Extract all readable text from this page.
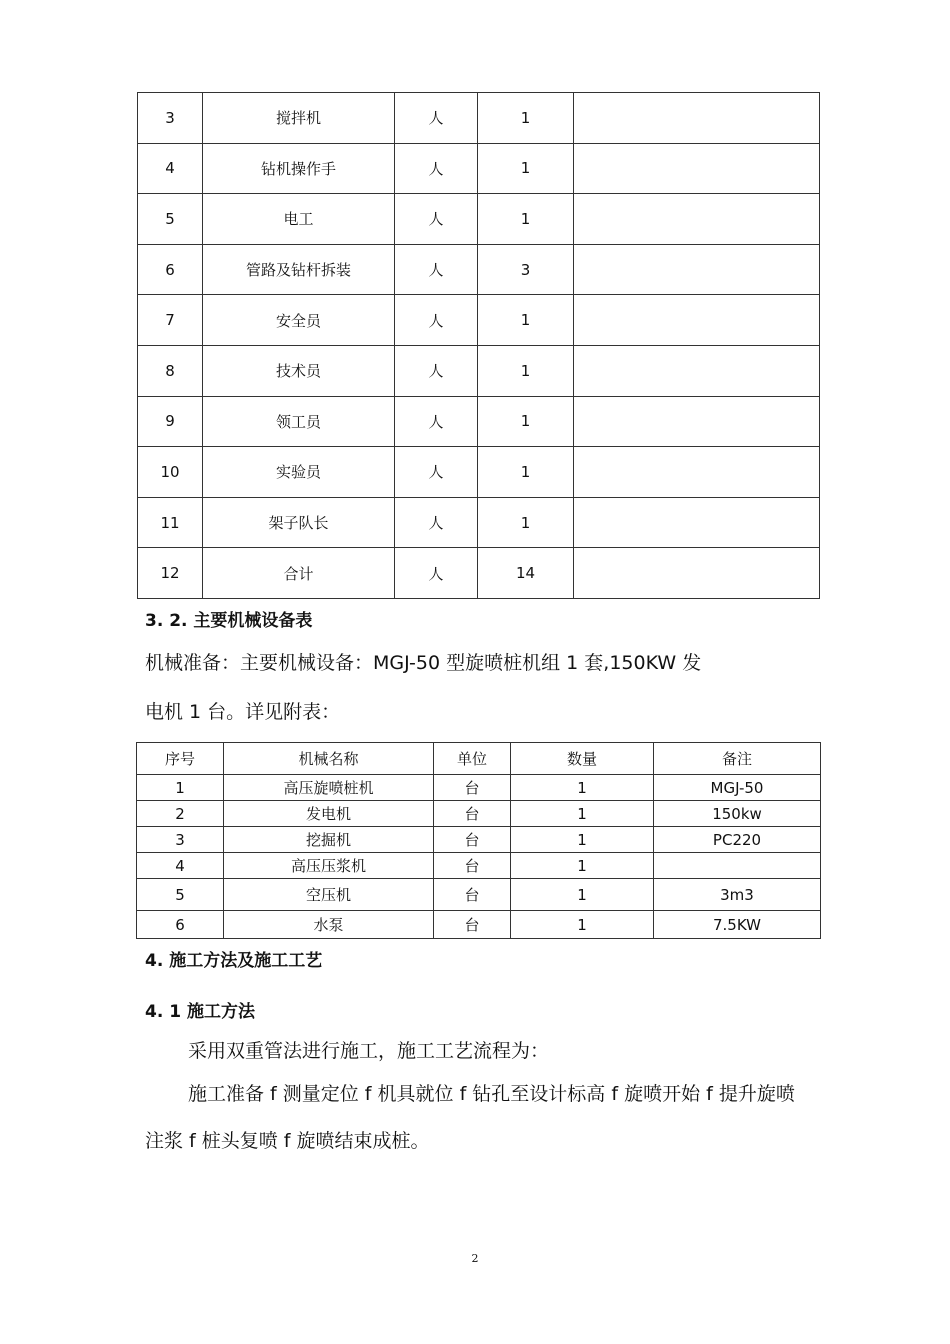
3	搅拌机	人	1	
4	钻机操作手	人	1	
5	电工	人	1	
6	管路及钻杆拆装	人	3	
7	安全员	人	1	
8	技术员	人	1	
9	领工员	人	1	
10	实验员	人	1	
11	架子队长	人	1	
12	合计	人	14	
3. 2. 主要机械设备表
机械准备：主要机械设备：MGJ-50 型旋喷桩机组 1 套,150KW 发
电机 1 台。详见附表：
序号	机械名称	单位	数量	备注
1	高压旋喷桩机	台	1	MGJ-50
2	发电机	台	1	150kw
3	挖掘机	台	1	PC220
4	高压压浆机	台	1	
5	空压机	台	1	3m3
6	水泵	台	1	7.5KW
4. 施工方法及施工工艺
4. 1 施工方法
采用双重管法进行施工，施工工艺流程为：
施工准备 f 测量定位 f 机具就位 f 钻孔至设计标高 f 旋喷开始 f 提升旋喷
注浆 f 桩头复喷 f 旋喷结束成桩。
2
